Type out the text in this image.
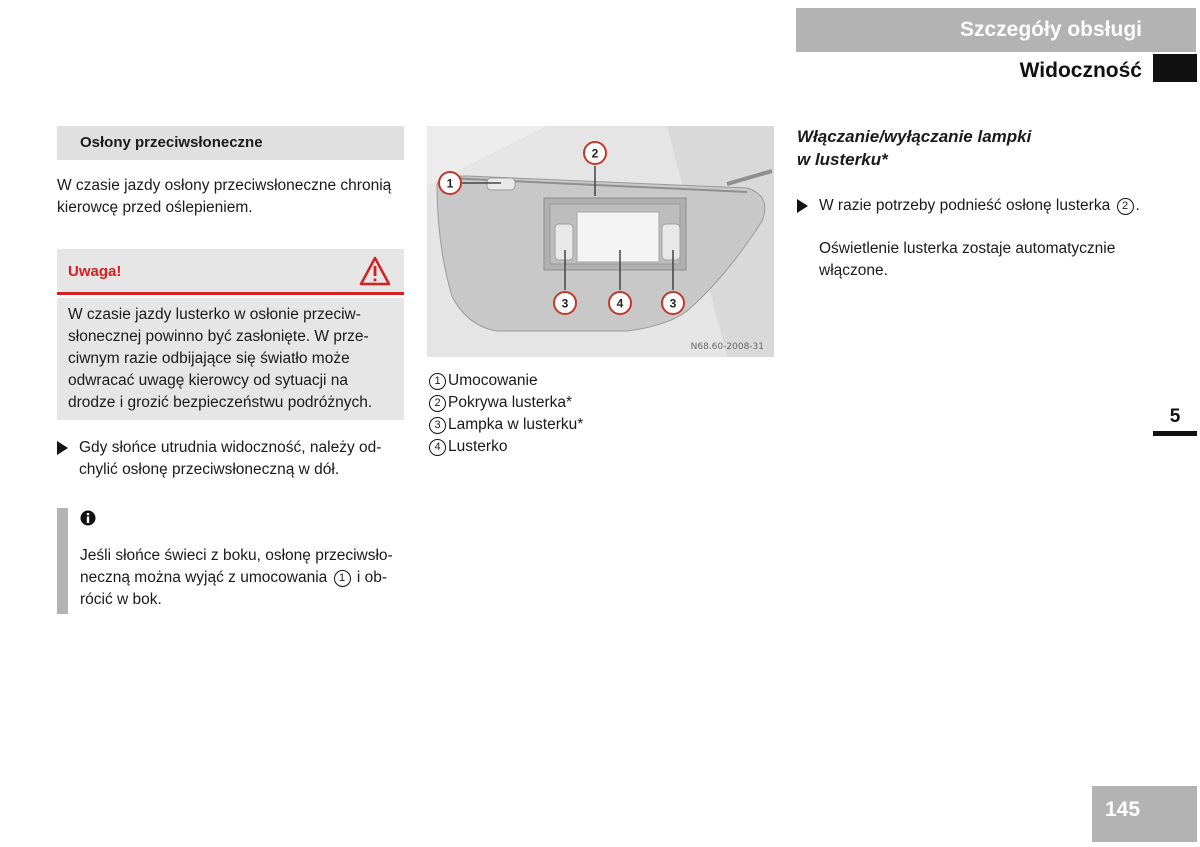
Szczegóły obsługi
Widoczność
Osłony przeciwsłoneczne
W czasie jazdy osłony przeciwsłoneczne chronią kierowcę przed oślepieniem.
Uwaga!
W czasie jazdy lusterko w osłonie przeciw-
słonecznej powinno być zasłonięte. W prze-
ciwnym razie odbijające się światło może
odwracać uwagę kierowcy od sytuacji na
drodze i grozić bezpieczeństwu podróżnych.
Gdy słońce utrudnia widoczność, należy od-
chylić osłonę przeciwsłoneczną w dół.
Jeśli słońce świeci z boku, osłonę przeciwsło-
neczną można wyjąć z umocowania 1 i ob-
rócić w bok.
2
1
3	4	3
N68.60-2008-31
1 Umocowanie
2 Pokrywa lusterka*
3 Lampka w lusterku*
4 Lusterko
Włączanie/wyłączanie lampki
w lusterku*
W razie potrzeby podnieść osłonę lusterka 2 .
Oświetlenie lusterka zostaje automatycznie
włączone.
5
145
